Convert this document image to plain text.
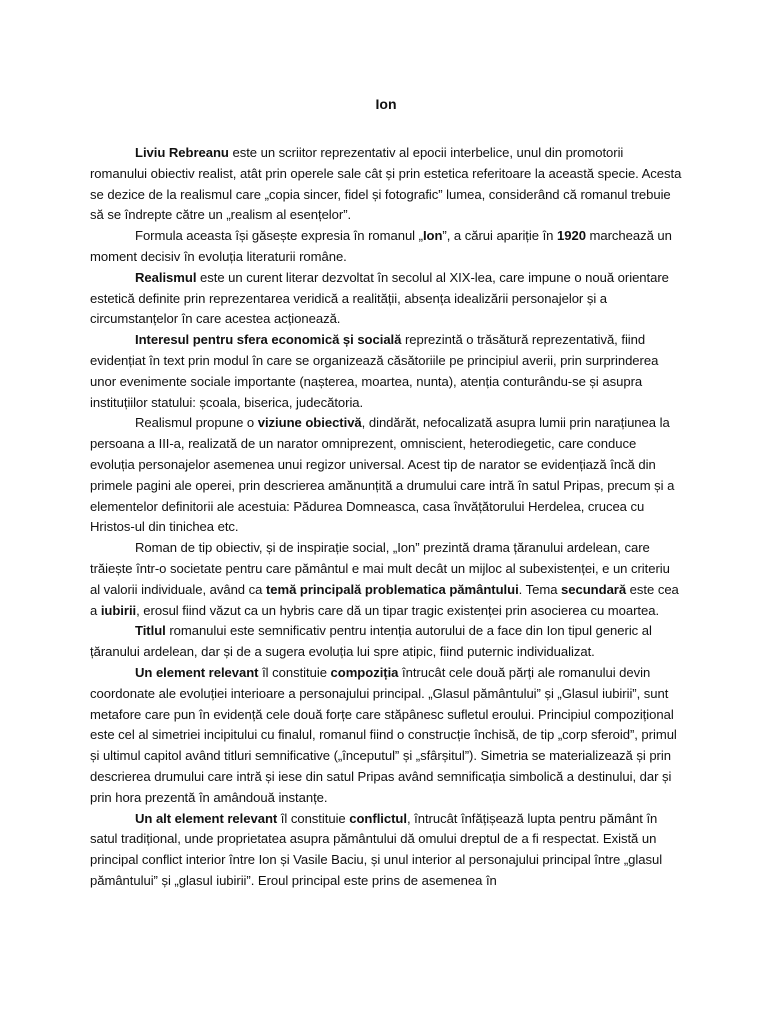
Ion

Liviu Rebreanu este un scriitor reprezentativ al epocii interbelice, unul din promotorii romanului obiectiv realist, atât prin operele sale cât și prin estetica referitoare la această specie. Acesta se dezice de la realismul care „copia sincer, fidel și fotografic” lumea, considerând că romanul trebuie să se îndrepte către un „realism al esențelor”.

Formula aceasta își găsește expresia în romanul „Ion”, a cărui apariție în 1920 marchează un moment decisiv în evoluția literaturii române.

Realismul este un curent literar dezvoltat în secolul al XIX-lea, care impune o nouă orientare estetică definite prin reprezentarea veridică a realității, absența idealizării personajelor și a circumstanțelor în care acestea acționează.

Interesul pentru sfera economică și socială reprezintă o trăsătură reprezentativă, fiind evidențiat în text prin modul în care se organizează căsătoriile pe principiul averii, prin surprinderea unor evenimente sociale importante (nașterea, moartea, nunta), atenția conturându-se și asupra instituțiilor statului: școala, biserica, judecătoria.

Realismul propune o viziune obiectivă, dindărăt, nefocalizată asupra lumii prin narațiunea la persoana a III-a, realizată de un narator omniprezent, omniscient, heterodiegetic, care conduce evoluția personajelor asemenea unui regizor universal. Acest tip de narator se evidențiază încă din primele pagini ale operei, prin descrierea amănunțită a drumului care intră în satul Pripas, precum și a elementelor definitorii ale acestuia: Pădurea Domneasca, casa învățătorului Herdelea, crucea cu Hristos-ul din tinichea etc.

Roman de tip obiectiv, și de inspirație social, „Ion” prezintă drama țăranului ardelean, care trăiește într-o societate pentru care pământul e mai mult decât un mijloc al subexistenței, e un criteriu al valorii individuale, având ca temă principală problematica pământului. Tema secundară este cea a iubirii, erosul fiind văzut ca un hybris care dă un tipar tragic existenței prin asocierea cu moartea.

Titlul romanului este semnificativ pentru intenția autorului de a face din Ion tipul generic al țăranului ardelean, dar și de a sugera evoluția lui spre atipic, fiind puternic individualizat.

Un element relevant îl constituie compoziția întrucât cele două părți ale romanului devin coordonate ale evoluției interioare a personajului principal. „Glasul pământului” și „Glasul iubirii”, sunt metafore care pun în evidență cele două forțe care stăpânesc sufletul eroului. Principiul compozițional este cel al simetriei incipitului cu finalul, romanul fiind o construcție închisă, de tip „corp sferoid”, primul și ultimul capitol având titluri semnificative („începutul” și „sfârșitul”). Simetria se materializează și prin descrierea drumului care intră și iese din satul Pripas având semnificația simbolică a destinului, dar și prin hora prezentă în amândouă instanțe.

Un alt element relevant îl constituie conflictul, întrucât înfățișează lupta pentru pământ în satul tradițional, unde proprietatea asupra pământului dă omului dreptul de a fi respectat. Există un principal conflict interior între Ion și Vasile Baciu, și unul interior al personajului principal între „glasul pământului” și „glasul iubirii”. Eroul principal este prins de asemenea în
